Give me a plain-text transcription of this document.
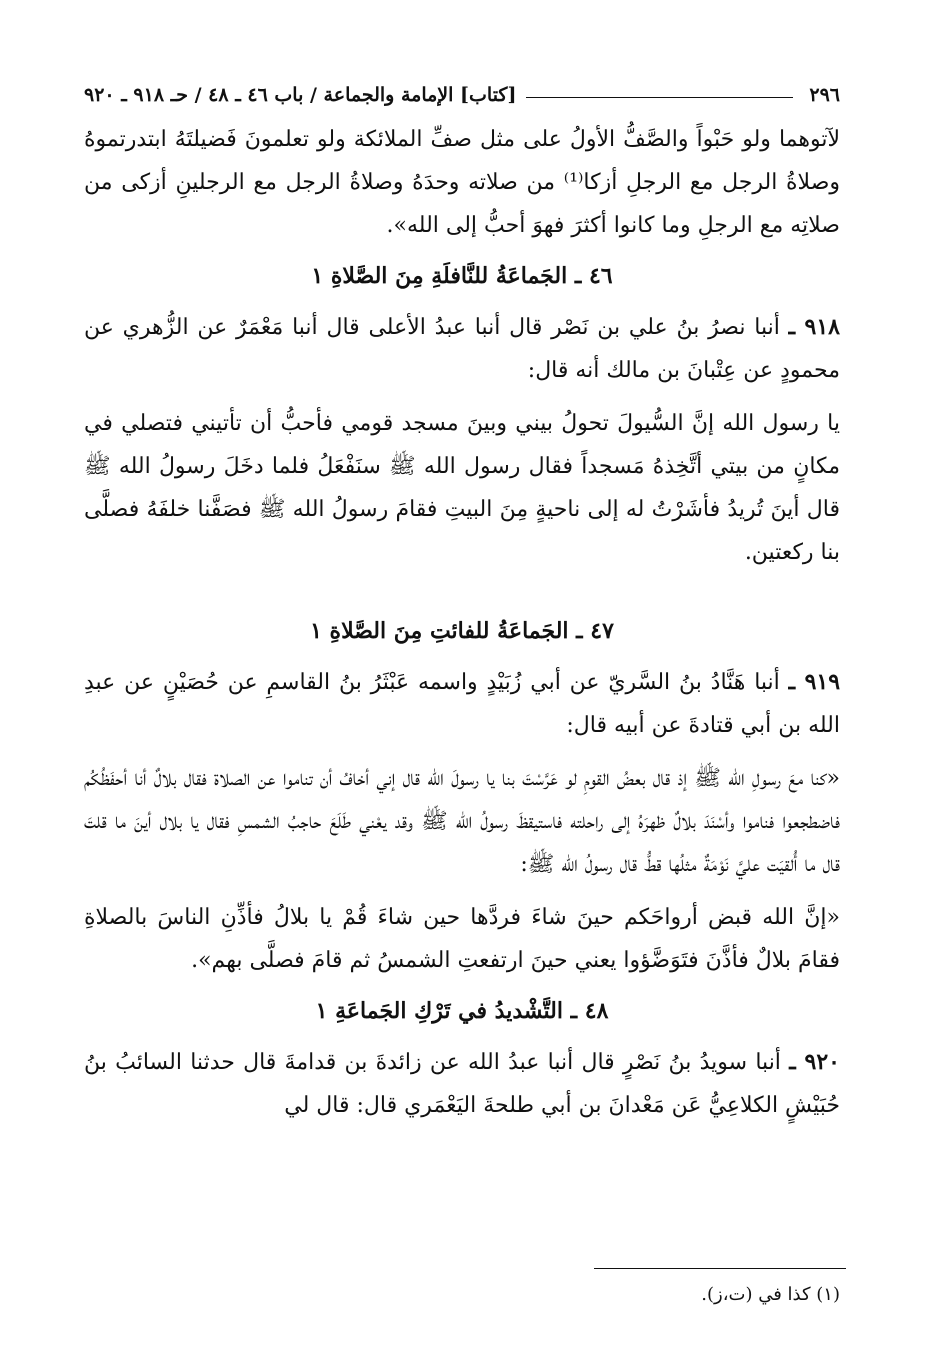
٢٩٦
[كتاب] الإمامة والجماعة / باب ٤٦ ـ ٤٨ / حـ ٩١٨ ـ ٩٢٠

لآتوهما ولو حَبْواً والصَّفُّ الأولُ على مثل صفِّ الملائكة ولو تعلمونَ فَضيلتَهُ ابتدرتموهُ وصلاةُ الرجل مع الرجلِ أزكا⁽¹⁾ من صلاته وحدَهُ وصلاةُ الرجل مع الرجلينِ أزكى من صلاتِه مع الرجلِ وما كانوا أكثرَ فهوَ أحبُّ إلى الله».

٤٦ ـ الجَماعَةُ للنَّافلَةِ مِنَ الصَّلاةِ ١

٩١٨ ـ أنبا نصرُ بنُ علي بن نَصْر قال أنبا عبدُ الأعلى قال أنبا مَعْمَرٌ عن الزُّهري عن محمودٍ عن عِتْبانَ بن مالك أنه قال:

يا رسول الله إنَّ السُّيولَ تحولُ بيني وبينَ مسجد قومي فأحبُّ أن تأتيني فتصلي في مكانٍ من بيتي أتَّخِذهُ مَسجداً فقال رسول الله ﷺ سنَفْعَلُ فلما دخَلَ رسولُ الله ﷺ قال أينَ تُريدُ فأشَرْتُ له إلى ناحيةٍ مِنَ البيتِ فقامَ رسولُ الله ﷺ فصَفَّنا خلفَهُ فصلَّى بنا ركعتين.

٤٧ ـ الجَماعَةُ للفائتِ مِنَ الصَّلاةِ ١

٩١٩ ـ أنبا هَنَّادُ بنُ السَّريّ عن أبي زُبَيْدٍ واسمه عَبْثَرُ بنُ القاسمِ عن حُصَيْنٍ عن عبدِ الله بن أبي قتادةَ عن أبيه قال:

«كنا معَ رسولِ الله ﷺ إذ قال بعضُ القومِ لو عَرَّسْتَ بنا يا رسولَ الله قال إني أخافُ أن تناموا عن الصلاة فقال بلالٌ أنا أحفَظُكُم فاضطجعوا فناموا وأسْنَدَ بلالٌ ظهرَهُ إلى راحلته فاستيقظَ رسولُ الله ﷺ وقد يعْني طَلَعَ حاجبُ الشمسِ فقال يا بلال أينَ ما قلتَ قال ما أُلقيَت عليَّ نَوْمَةٌ مثلُها قطُّ قال رسولُ الله ﷺ:

«إنَّ الله قبض أرواحَكم حينَ شاءَ فردَّها حين شاءَ قُمْ يا بلالُ فأذِّنِ الناسَ بالصلاةِ فقامَ بلالٌ فأذَّنَ فتَوَضَّؤوا يعني حينَ ارتفعتِ الشمسُ ثم قامَ فصلَّى بهم».

٤٨ ـ التَّشْديدُ في تَرْكِ الجَماعَةِ ١

٩٢٠ ـ أنبا سويدُ بنُ نَصْرٍ قال أنبا عبدُ الله عن زائدةَ بن قدامةَ قال حدثنا السائبُ بنُ حُبَيْشٍ الكلاعِيُّ عَن مَعْدانَ بن أبي طلحةَ اليَعْمَري قال: قال لي

(١) كذا في (ت،ز).
